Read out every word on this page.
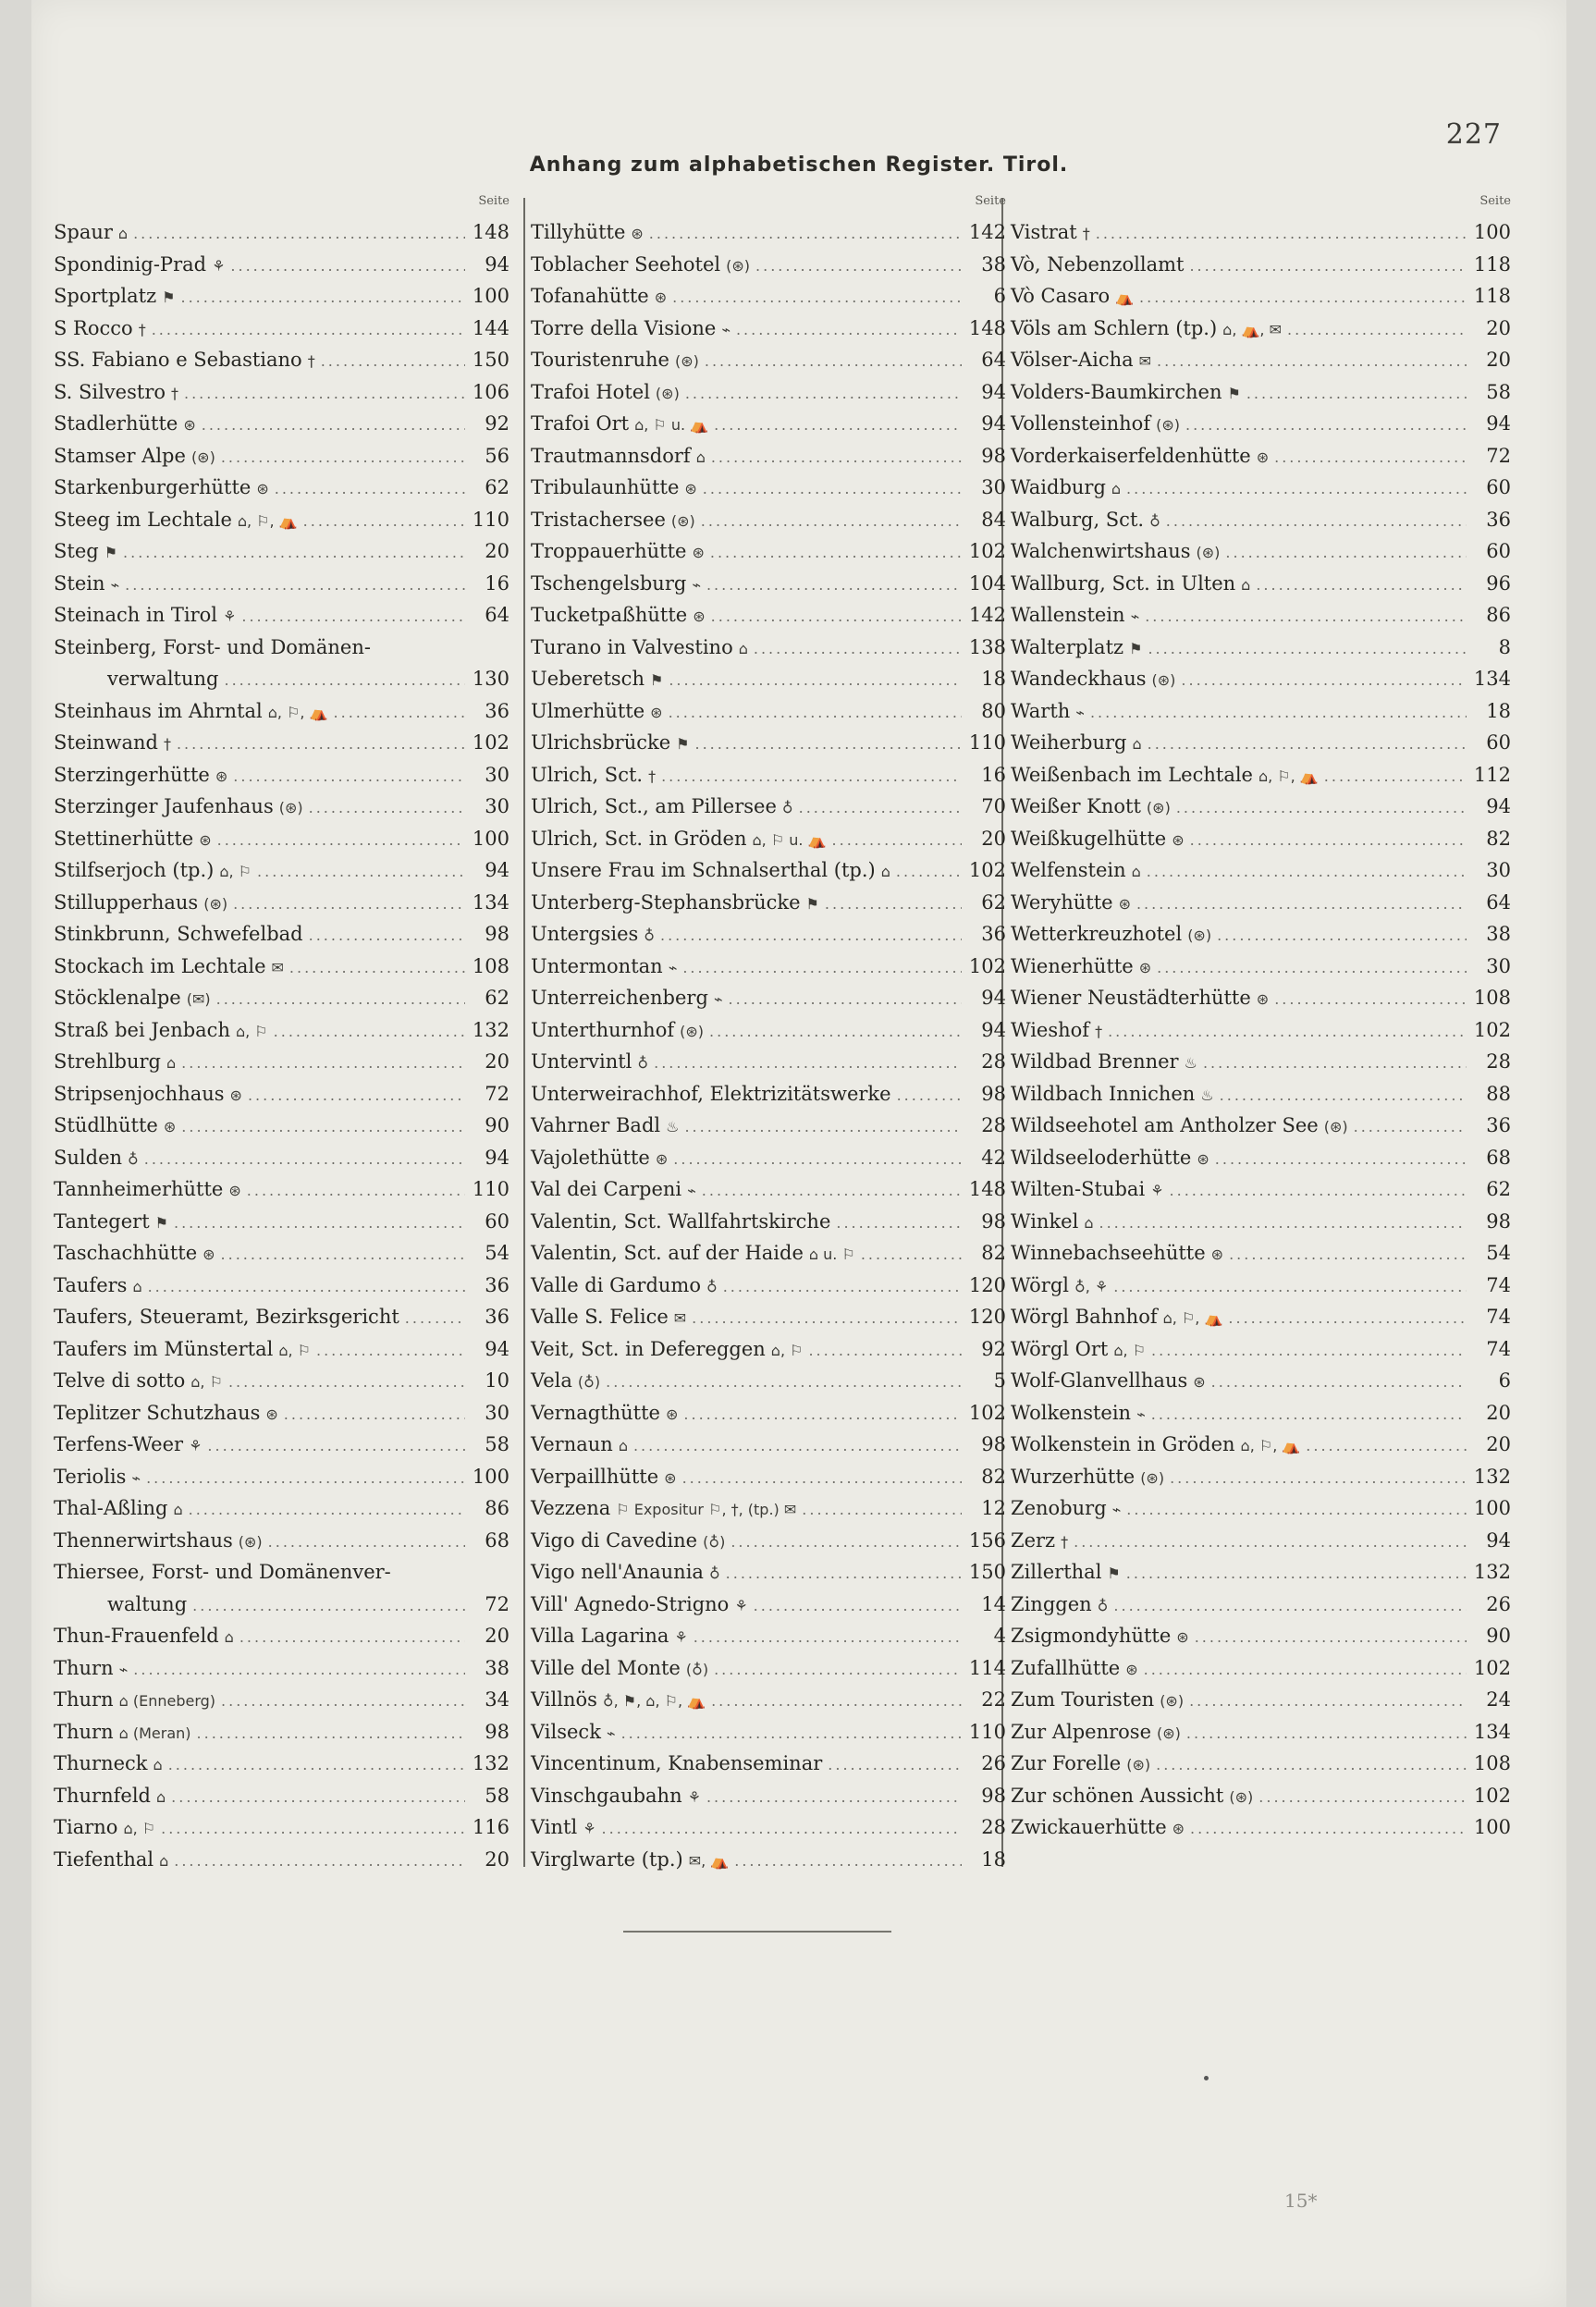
227
Anhang zum alphabetischen Register. Tirol.
Seite
Spaur ⌂ .....	148
Spondinig-Prad ⚘ .....	94
Sportplatz ⚑ .....	100
S Rocco † .....	144
SS. Fabiano e Sebastiano † .....	150
S. Silvestro † .....	106
Stadlerhütte ⊛ .....	92
Stamser Alpe (⊛) .....	56
Starkenburgerhütte ⊛ .....	62
Steeg im Lechtale ⌂, ⚐, ⛺ .....	110
Steg ⚑ .....	20
Stein ⌁ .....	16
Steinach in Tirol ⚘ .....	64
Steinberg, Forst- und Domänen-
verwaltung .....	130
Steinhaus im Ahrntal ⌂, ⚐, ⛺ .....	36
Steinwand † .....	102
Sterzingerhütte ⊛ .....	30
Sterzinger Jaufenhaus (⊛) .....	30
Stettinerhütte ⊛ .....	100
Stilfserjoch (tp.) ⌂, ⚐ .....	94
Stillupperhaus (⊛) .....	134
Stinkbrunn, Schwefelbad .....	98
Stockach im Lechtale ✉ .....	108
Stöcklenalpe (✉) .....	62
Straß bei Jenbach ⌂, ⚐ .....	132
Strehlburg ⌂ .....	20
Stripsenjochhaus ⊛ .....	72
Stüdlhütte ⊛ .....	90
Sulden ♁ .....	94
Tannheimerhütte ⊛ .....	110
Tantegert ⚑ .....	60
Taschachhütte ⊛ .....	54
Taufers ⌂ .....	36
Taufers, Steueramt, Bezirksgericht .....	36
Taufers im Münstertal ⌂, ⚐ .....	94
Telve di sotto ⌂, ⚐ .....	10
Teplitzer Schutzhaus ⊛ .....	30
Terfens-Weer ⚘ .....	58
Teriolis ⌁ .....	100
Thal-Aßling ⌂ .....	86
Thennerwirtshaus (⊛) .....	68
Thiersee, Forst- und Domänenver-
waltung .....	72
Thun-Frauenfeld ⌂ .....	20
Thurn ⌁ .....	38
Thurn ⌂ (Enneberg) .....	34
Thurn ⌂ (Meran) .....	98
Thurneck ⌂ .....	132
Thurnfeld ⌂ .....	58
Tiarno ⌂, ⚐ .....	116
Tiefenthal ⌂ .....	20
Seite
Tillyhütte ⊛ .....	142
Toblacher Seehotel (⊛) .....	38
Tofanahütte ⊛ .....	6
Torre della Visione ⌁ .....	148
Touristenruhe (⊛) .....	64
Trafoi Hotel (⊛) .....	94
Trafoi Ort ⌂, ⚐ u. ⛺ .....	94
Trautmannsdorf ⌂ .....	98
Tribulaunhütte ⊛ .....	30
Tristachersee (⊛) .....	84
Troppauerhütte ⊛ .....	102
Tschengelsburg ⌁ .....	104
Tucketpaßhütte ⊛ .....	142
Turano in Valvestino ⌂ .....	138
Ueberetsch ⚑ .....	18
Ulmerhütte ⊛ .....	80
Ulrichsbrücke ⚑ .....	110
Ulrich, Sct. † .....	16
Ulrich, Sct., am Pillersee ♁ .....	70
Ulrich, Sct. in Gröden ⌂, ⚐ u. ⛺ .....	20
Unsere Frau im Schnalserthal (tp.) ⌂ .....	102
Unterberg-Stephansbrücke ⚑ .....	62
Untergsies ♁ .....	36
Untermontan ⌁ .....	102
Unterreichenberg ⌁ .....	94
Unterthurnhof (⊛) .....	94
Untervintl ♁ .....	28
Unterweirachhof, Elektrizitätswerke .....	98
Vahrner Badl ♨ .....	28
Vajolethütte ⊛ .....	42
Val dei Carpeni ⌁ .....	148
Valentin, Sct. Wallfahrtskirche .....	98
Valentin, Sct. auf der Haide ⌂ u. ⚐ .....	82
Valle di Gardumo ♁ .....	120
Valle S. Felice ✉ .....	120
Veit, Sct. in Defereggen ⌂, ⚐ .....	92
Vela (♁) .....	5
Vernagthütte ⊛ .....	102
Vernaun ⌂ .....	98
Verpaillhütte ⊛ .....	82
Vezzena ⚐ Expositur ⚐, †, (tp.) ✉ .....	12
Vigo di Cavedine (♁) .....	156
Vigo nell'Anaunia ♁ .....	150
Vill' Agnedo-Strigno ⚘ .....	14
Villa Lagarina ⚘ .....	4
Ville del Monte (♁) .....	114
Villnös ♁, ⚑, ⌂, ⚐, ⛺ .....	22
Vilseck ⌁ .....	110
Vincentinum, Knabenseminar .....	26
Vinschgaubahn ⚘ .....	98
Vintl ⚘ .....	28
Virglwarte (tp.) ✉, ⛺ .....	18
Seite
Vistrat † .....	100
Vò, Nebenzollamt .....	118
Vò Casaro ⛺ .....	118
Völs am Schlern (tp.) ⌂, ⛺, ✉ .....	20
Völser-Aicha ✉ .....	20
Volders-Baumkirchen ⚑ .....	58
Vollensteinhof (⊛) .....	94
Vorderkaiserfeldenhütte ⊛ .....	72
Waidburg ⌂ .....	60
Walburg, Sct. ♁ .....	36
Walchenwirtshaus (⊛) .....	60
Wallburg, Sct. in Ulten ⌂ .....	96
Wallenstein ⌁ .....	86
Walterplatz ⚑ .....	8
Wandeckhaus (⊛) .....	134
Warth ⌁ .....	18
Weiherburg ⌂ .....	60
Weißenbach im Lechtale ⌂, ⚐, ⛺ .....	112
Weißer Knott (⊛) .....	94
Weißkugelhütte ⊛ .....	82
Welfenstein ⌂ .....	30
Weryhütte ⊛ .....	64
Wetterkreuzhotel (⊛) .....	38
Wienerhütte ⊛ .....	30
Wiener Neustädterhütte ⊛ .....	108
Wieshof † .....	102
Wildbad Brenner ♨ .....	28
Wildbach Innichen ♨ .....	88
Wildseehotel am Antholzer See (⊛) .....	36
Wildseeloderhütte ⊛ .....	68
Wilten-Stubai ⚘ .....	62
Winkel ⌂ .....	98
Winnebachseehütte ⊛ .....	54
Wörgl ♁, ⚘ .....	74
Wörgl Bahnhof ⌂, ⚐, ⛺ .....	74
Wörgl Ort ⌂, ⚐ .....	74
Wolf-Glanvellhaus ⊛ .....	6
Wolkenstein ⌁ .....	20
Wolkenstein in Gröden ⌂, ⚐, ⛺ .....	20
Wurzerhütte (⊛) .....	132
Zenoburg ⌁ .....	100
Zerz † .....	94
Zillerthal ⚑ .....	132
Zinggen ♁ .....	26
Zsigmondyhütte ⊛ .....	90
Zufallhütte ⊛ .....	102
Zum Touristen (⊛) .....	24
Zur Alpenrose (⊛) .....	134
Zur Forelle (⊛) .....	108
Zur schönen Aussicht (⊛) .....	102
Zwickauerhütte ⊛ .....	100
15*
